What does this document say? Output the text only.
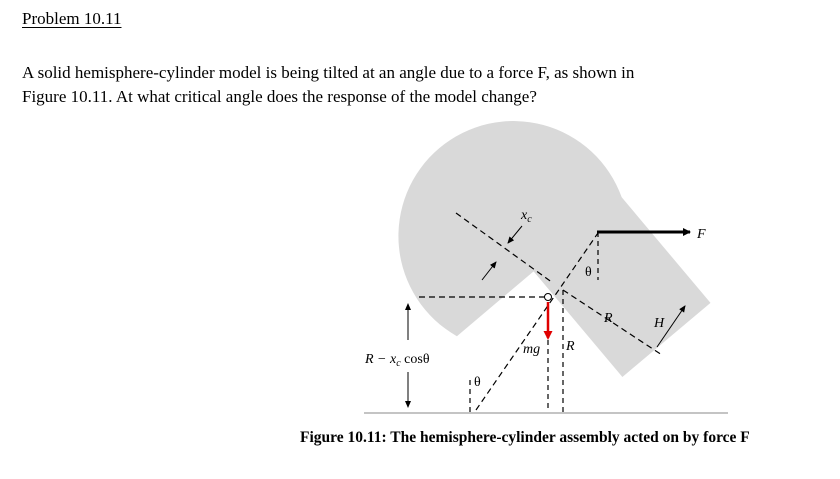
Problem 10.11
A solid hemisphere-cylinder model is being tilted at an angle due to a force F, as shown in
Figure 10.11. At what critical angle does the response of the model change?
$x_c$
F
θ
R	H
R
mg
$R - x_c$ cosθ
θ
Figure 10.11: The hemisphere-cylinder assembly acted on by force F
